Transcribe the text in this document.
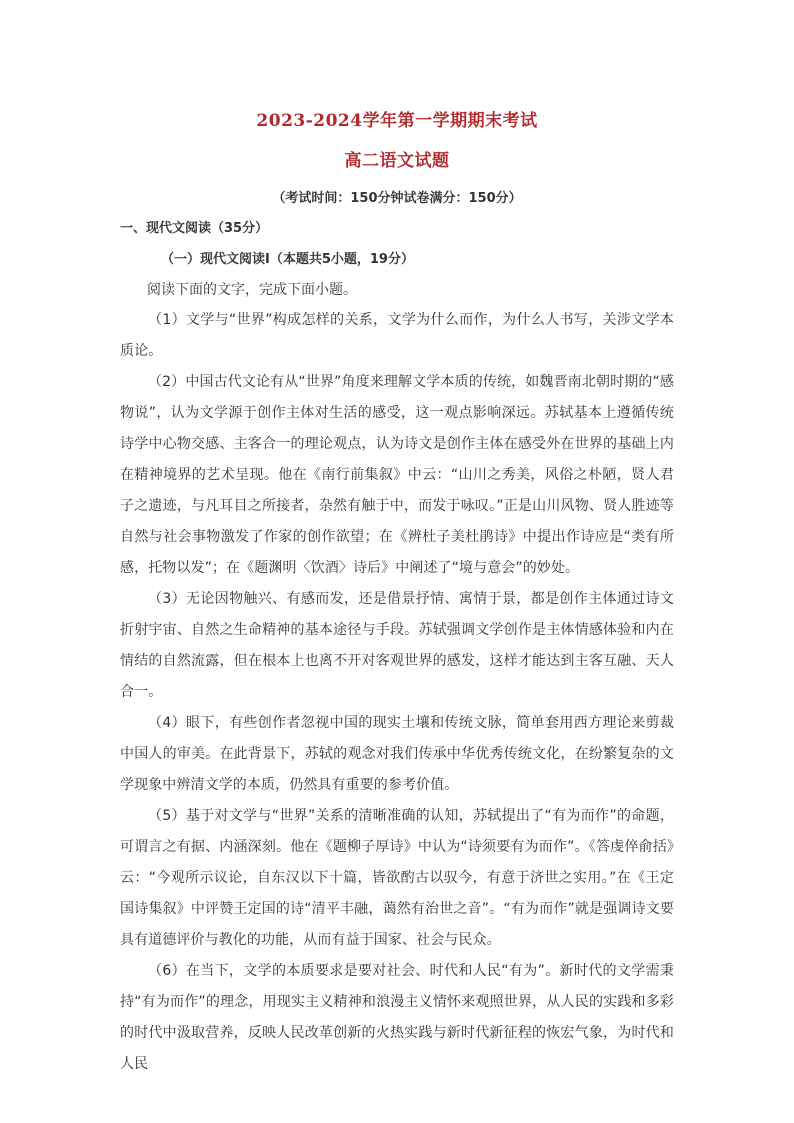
2023-2024学年第一学期期末考试
高二语文试题
（考试时间：150分钟试卷满分：150分）
一、现代文阅读（35分）
（一）现代文阅读Ⅰ（本题共5小题，19分）
阅读下面的文字，完成下面小题。

（1）文学与“世界”构成怎样的关系，文学为什么而作，为什么人书写，关涉文学本质论。

（2）中国古代文论有从“世界”角度来理解文学本质的传统，如魏晋南北朝时期的“感物说”，认为文学源于创作主体对生活的感受，这一观点影响深远。苏轼基本上遵循传统诗学中心物交感、主客合一的理论观点，认为诗文是创作主体在感受外在世界的基础上内在精神境界的艺术呈现。他在《南行前集叙》中云：“山川之秀美，风俗之朴陋，贤人君子之遗迹，与凡耳目之所接者，杂然有触于中，而发于咏叹。”正是山川风物、贤人胜迹等自然与社会事物激发了作家的创作欲望；在《辨杜子美杜鹃诗》中提出作诗应是“类有所感，托物以发”；在《题渊明〈饮酒〉诗后》中阐述了“境与意会”的妙处。

（3）无论因物触兴、有感而发，还是借景抒情、寓情于景，都是创作主体通过诗文折射宇宙、自然之生命精神的基本途径与手段。苏轼强调文学创作是主体情感体验和内在情结的自然流露，但在根本上也离不开对客观世界的感发，这样才能达到主客互融、天人合一。

（4）眼下，有些创作者忽视中国的现实土壤和传统文脉，简单套用西方理论来剪裁中国人的审美。在此背景下，苏轼的观念对我们传承中华优秀传统文化，在纷繁复杂的文学现象中辨清文学的本质，仍然具有重要的参考价值。

（5）基于对文学与“世界”关系的清晰准确的认知，苏轼提出了“有为而作”的命题，可谓言之有据、内涵深刻。他在《题柳子厚诗》中认为“诗须要有为而作”。《答虔倅俞括》云：“今观所示议论，自东汉以下十篇，皆欲酌古以驭今，有意于济世之实用。”在《王定国诗集叙》中评赞王定国的诗“清平丰融，蔼然有治世之音”。“有为而作”就是强调诗文要具有道德评价与教化的功能，从而有益于国家、社会与民众。

（6）在当下，文学的本质要求是要对社会、时代和人民“有为”。新时代的文学需秉持“有为而作”的理念，用现实主义精神和浪漫主义情怀来观照世界，从人民的实践和多彩的时代中汲取营养，反映人民改革创新的火热实践与新时代新征程的恢宏气象，为时代和人民
